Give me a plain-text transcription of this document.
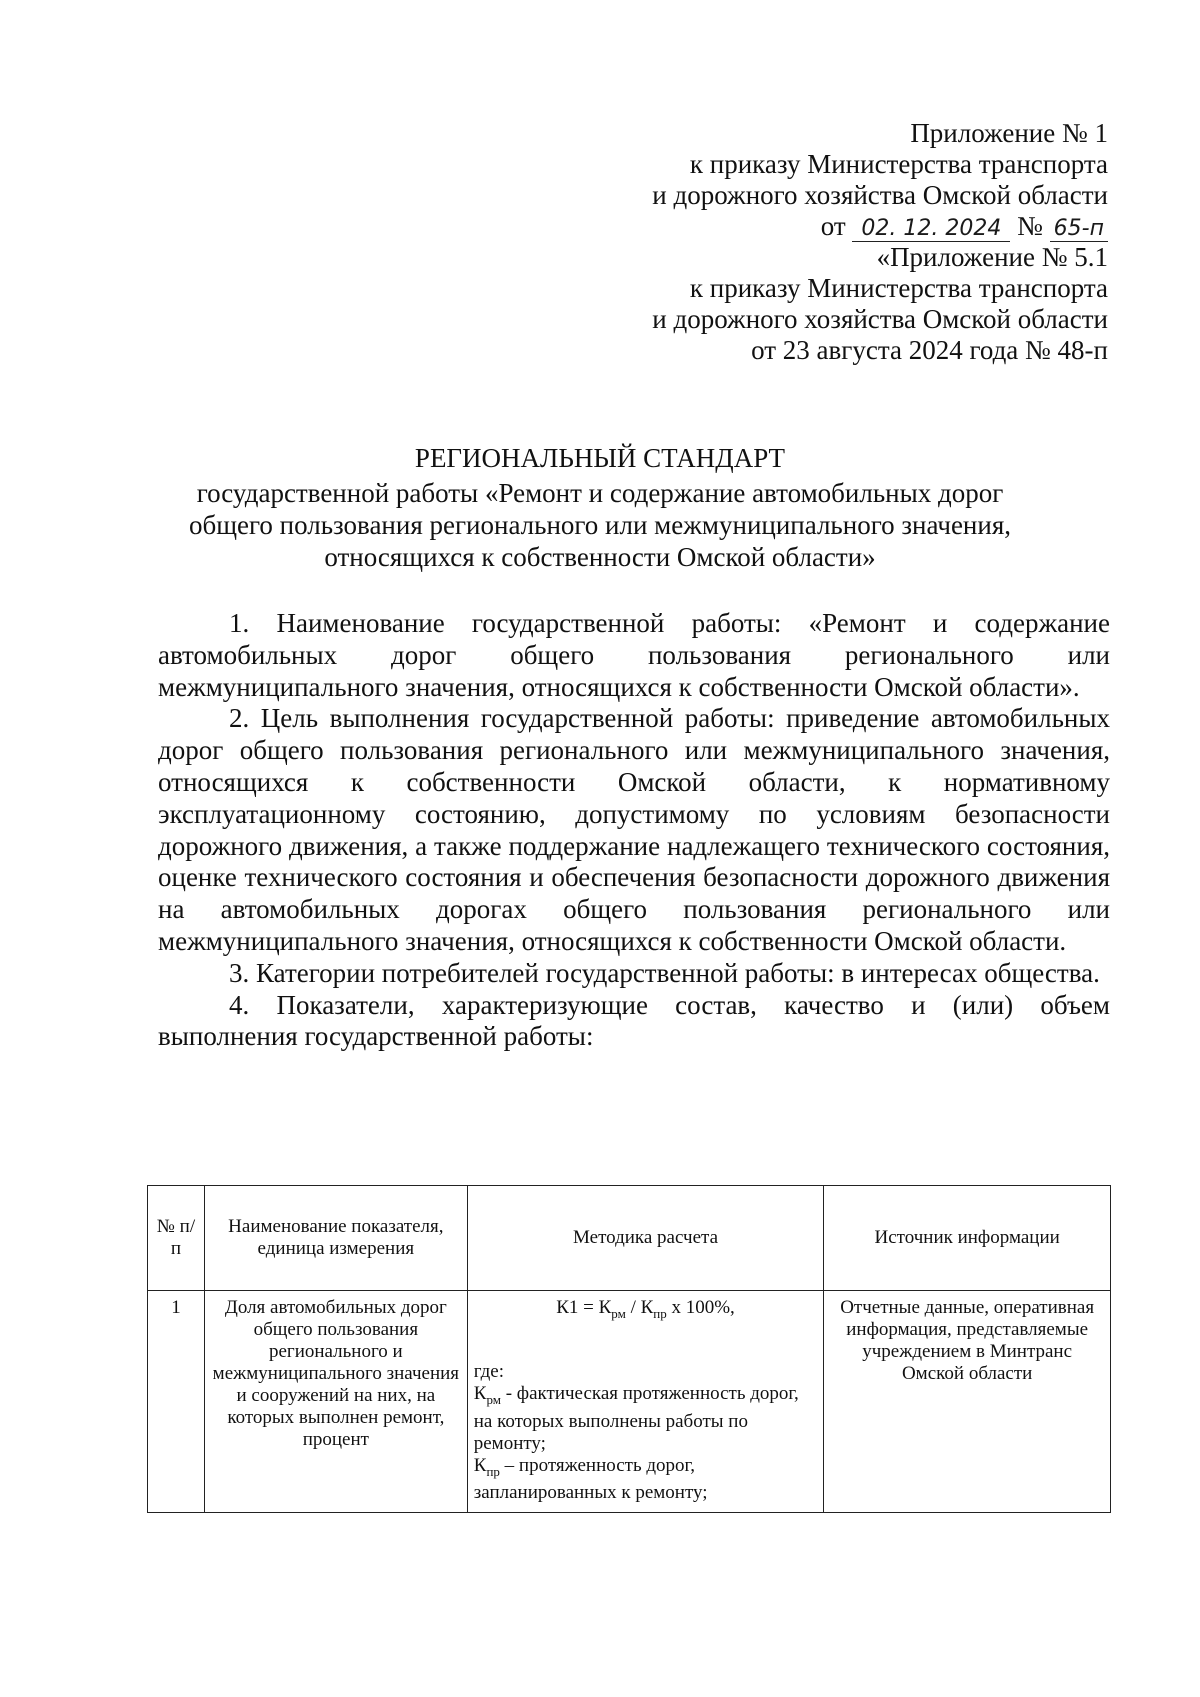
Приложение № 1
к приказу Министерства транспорта
и дорожного хозяйства Омской области
от 02. 12. 2024 № 65-п
«Приложение № 5.1
к приказу Министерства транспорта
и дорожного хозяйства Омской области
от 23 августа 2024 года № 48-п
РЕГИОНАЛЬНЫЙ СТАНДАРТ
государственной работы «Ремонт и содержание автомобильных дорог
общего пользования регионального или межмуниципального значения,
относящихся к собственности Омской области»

1. Наименование государственной работы: «Ремонт и содержание автомобильных дорог общего пользования регионального или межмуниципального значения, относящихся к собственности Омской области».

2. Цель выполнения государственной работы: приведение автомобильных дорог общего пользования регионального или межмуниципального значения, относящихся к собственности Омской области, к нормативному эксплуатационному состоянию, допустимому по условиям безопасности дорожного движения, а также поддержание надлежащего технического состояния, оценке технического состояния и обеспечения безопасности дорожного движения на автомобильных дорогах общего пользования регионального или межмуниципального значения, относящихся к собственности Омской области.

3. Категории потребителей государственной работы: в интересах общества.

4. Показатели, характеризующие состав, качество и (или) объем выполнения государственной работы:

№ п/п	Наименование показателя, единица измерения	Методика расчета	Источник информации
1	Доля автомобильных дорог общего пользования регионального и межмуниципального значения и сооружений на них, на которых выполнен ремонт, процент	$К1 = К_{рм} / К_{пр}$ х 100%,
где:
$К_{рм}$ - фактическая протяженность дорог, на которых выполнены работы по ремонту;
$К_{пр}$ – протяженность дорог, запланированных к ремонту;	Отчетные данные, оперативная информация, представляемые учреждением в Минтранс Омской области
